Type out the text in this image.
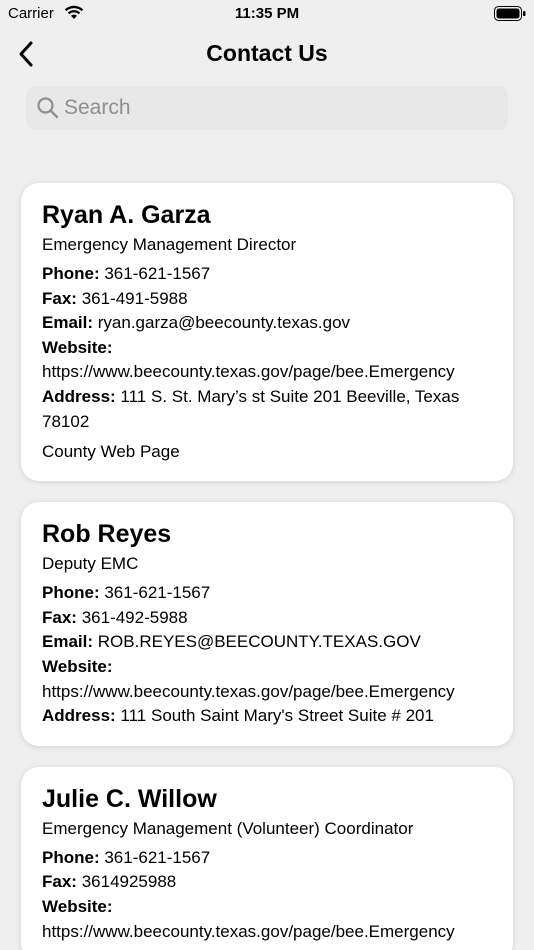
Carrier	11:35 PM
Contact Us
Search
Ryan A. Garza
Emergency Management Director
Phone: 361-621-1567
Fax: 361-491-5988
Email: ryan.garza@beecounty.texas.gov
Website: https://www.beecounty.texas.gov/page/bee.Emergency
Address: 111 S. St. Mary’s st Suite 201 Beeville, Texas 78102
County Web Page
Rob Reyes
Deputy EMC
Phone: 361-621-1567
Fax: 361-492-5988
Email: ROB.REYES@BEECOUNTY.TEXAS.GOV
Website: https://www.beecounty.texas.gov/page/bee.Emergency
Address: 111 South Saint Mary's Street Suite # 201
Julie C. Willow
Emergency Management (Volunteer) Coordinator
Phone: 361-621-1567
Fax: 3614925988
Website: https://www.beecounty.texas.gov/page/bee.Emergency
